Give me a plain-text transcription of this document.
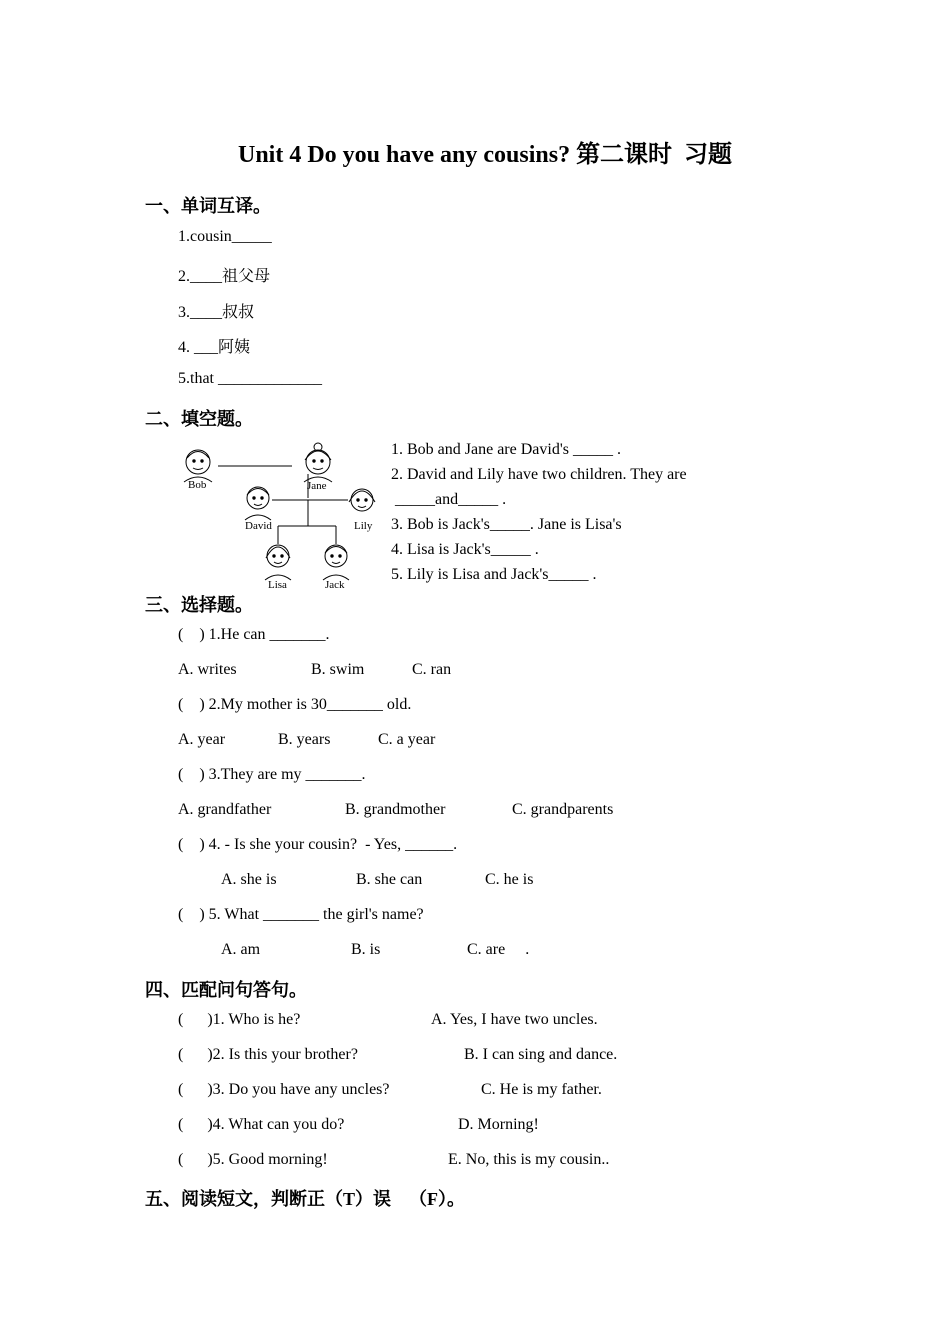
Unit 4 Do you have any cousins? 第二课时  习题
一、单词互译。
1.cousin_____
2.____祖父母
3.____叔叔
4. ___阿姨
5.that _____________
二、填空题。
Bob	Jane
David	Lily
Lisa	Jack
1. Bob and Jane are David's _____ .
2. David and Lily have two children. They are
_____and_____ .
3. Bob is Jack's_____. Jane is Lisa's
4. Lisa is Jack's_____ .
5. Lily is Lisa and Jack's_____ .
三、选择题。
(    ) 1.He can _______.
A. writes	B. swim	C. ran
(    ) 2.My mother is 30_______ old.
A. year	B. years	C. a year
(    ) 3.They are my _______.
A. grandfather	B. grandmother	C. grandparents
(    ) 4. - Is she your cousin?  - Yes, ______.
A. she is	B. she can	C. he is
(    ) 5. What _______ the girl's name?
A. am	B. is	C. are     .
四、匹配问句答句。
(      )1. Who is he?	A. Yes, I have two uncles.
(      )2. Is this your brother?	B. I can sing and dance.
(      )3. Do you have any uncles?	C. He is my father.
(      )4. What can you do?	D. Morning!
(      )5. Good morning!	E. No, this is my cousin..
五、阅读短文，判断正（T）误    （F）。
